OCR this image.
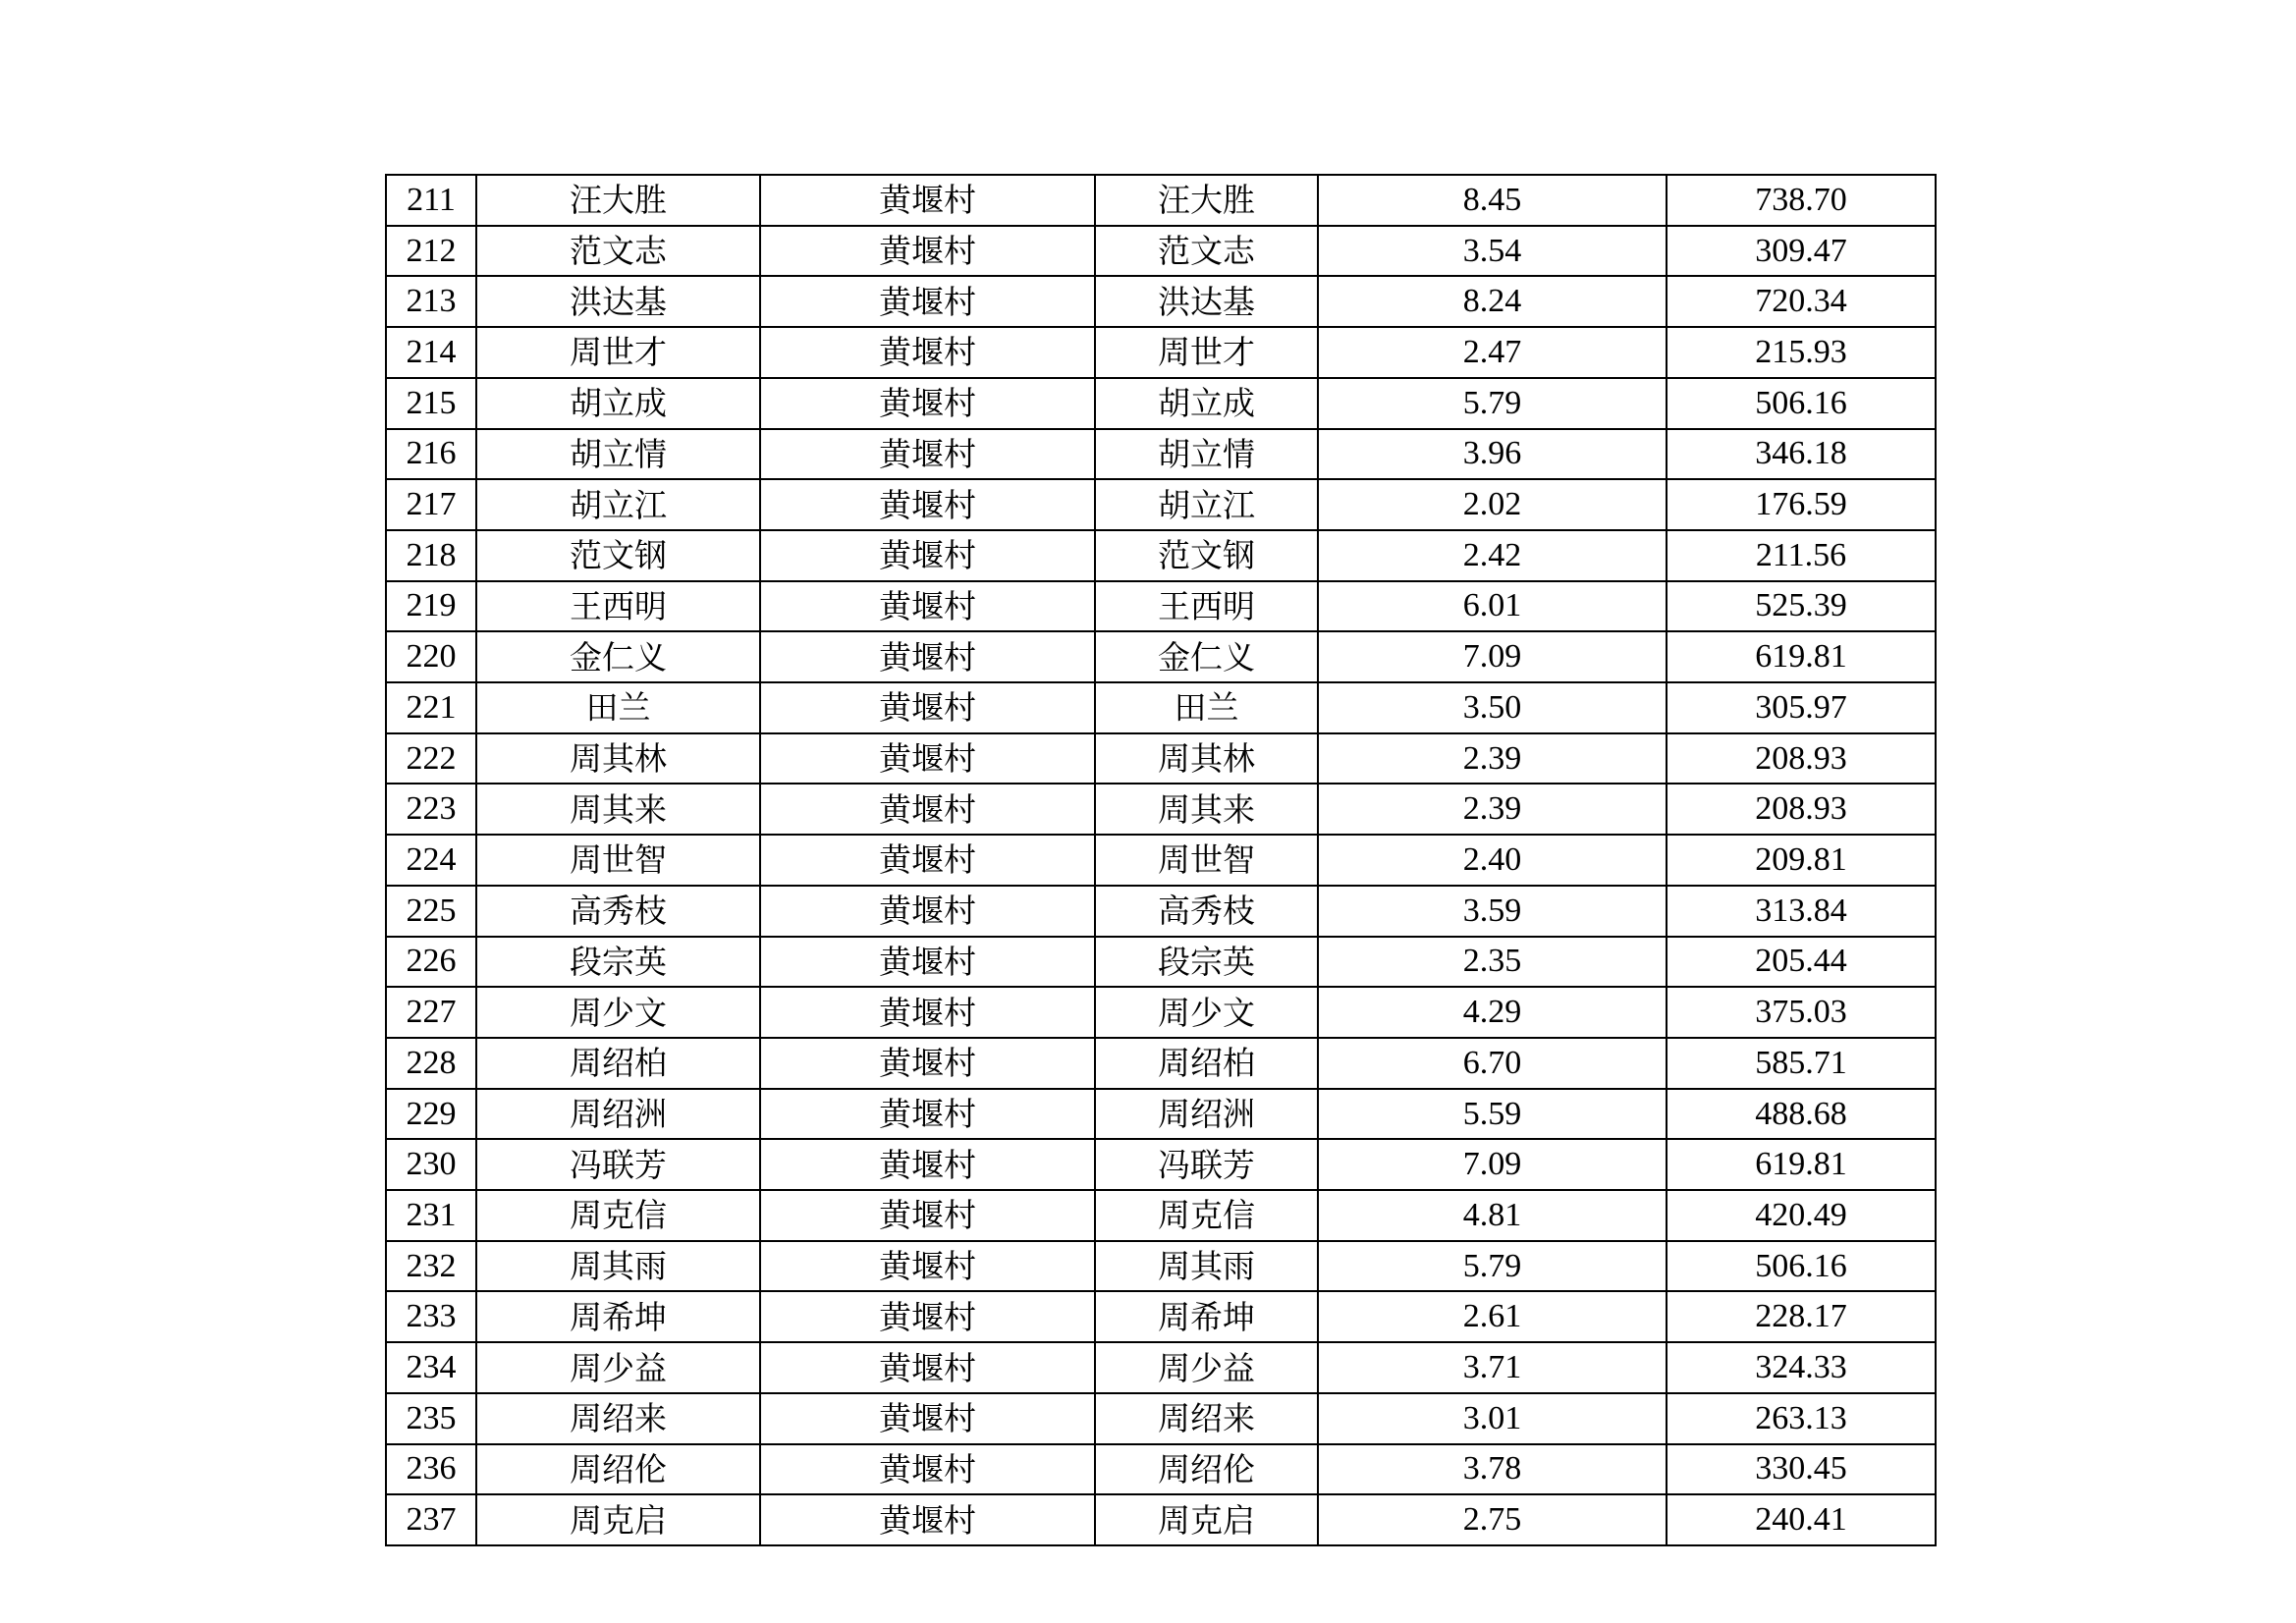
211	汪大胜	黄堰村	汪大胜	8.45	738.70
212	范文志	黄堰村	范文志	3.54	309.47
213	洪达基	黄堰村	洪达基	8.24	720.34
214	周世才	黄堰村	周世才	2.47	215.93
215	胡立成	黄堰村	胡立成	5.79	506.16
216	胡立情	黄堰村	胡立情	3.96	346.18
217	胡立江	黄堰村	胡立江	2.02	176.59
218	范文钢	黄堰村	范文钢	2.42	211.56
219	王西明	黄堰村	王西明	6.01	525.39
220	金仁义	黄堰村	金仁义	7.09	619.81
221	田兰	黄堰村	田兰	3.50	305.97
222	周其林	黄堰村	周其林	2.39	208.93
223	周其来	黄堰村	周其来	2.39	208.93
224	周世智	黄堰村	周世智	2.40	209.81
225	高秀枝	黄堰村	高秀枝	3.59	313.84
226	段宗英	黄堰村	段宗英	2.35	205.44
227	周少文	黄堰村	周少文	4.29	375.03
228	周绍柏	黄堰村	周绍柏	6.70	585.71
229	周绍洲	黄堰村	周绍洲	5.59	488.68
230	冯联芳	黄堰村	冯联芳	7.09	619.81
231	周克信	黄堰村	周克信	4.81	420.49
232	周其雨	黄堰村	周其雨	5.79	506.16
233	周希坤	黄堰村	周希坤	2.61	228.17
234	周少益	黄堰村	周少益	3.71	324.33
235	周绍来	黄堰村	周绍来	3.01	263.13
236	周绍伦	黄堰村	周绍伦	3.78	330.45
237	周克启	黄堰村	周克启	2.75	240.41
